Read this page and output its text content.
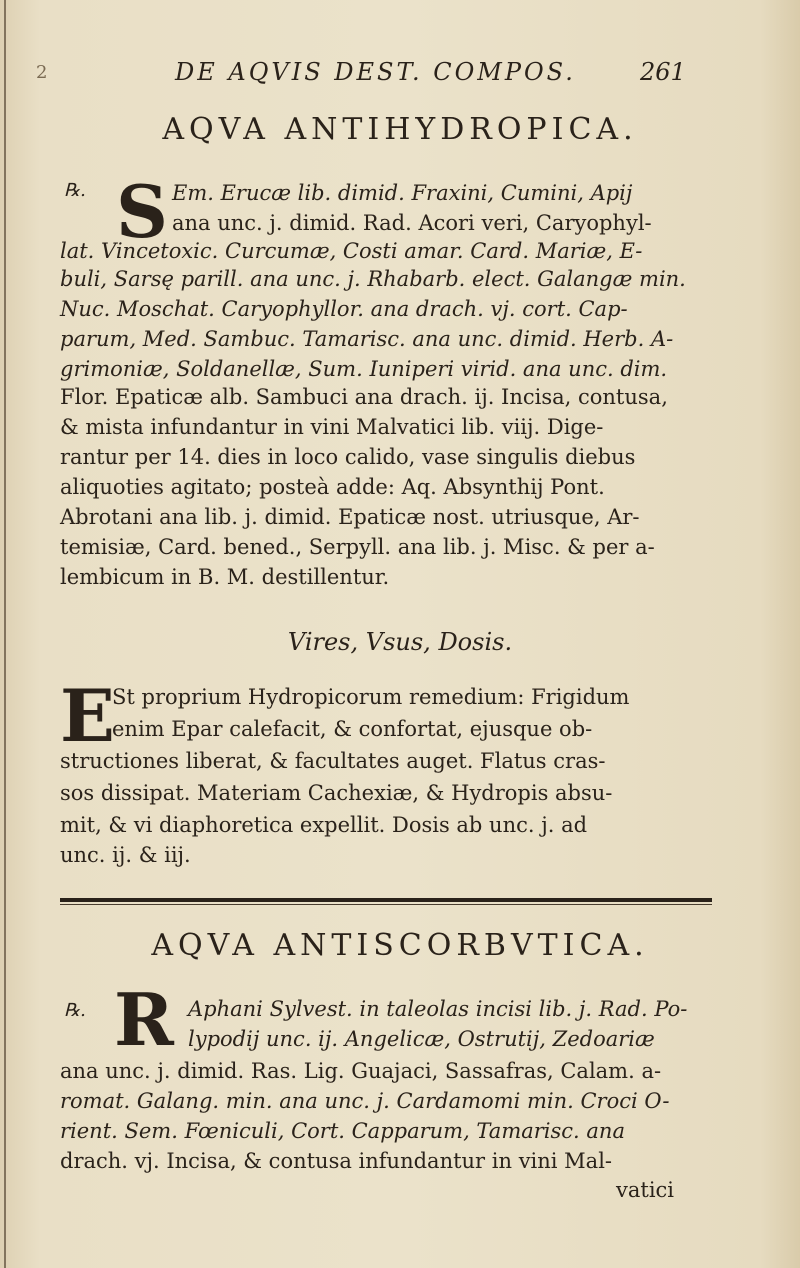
2	DE AQVIS DEST. COMPOS.	261
AQVA ANTIHYDROPICA.
℞. S Em. Erucæ lib. dimid. Fraxini, Cumini, Apij
ana unc. j. dimid. Rad. Acori veri, Caryophyl-
lat. Vincetoxic. Curcumæ, Costi amar. Card. Mariæ, E-
buli, Sarsę parill. ana unc. j. Rhabarb. elect. Galangæ min.
Nuc. Moschat. Caryophyllor. ana drach. vj. cort. Cap-
parum, Med. Sambuc. Tamarisc. ana unc. dimid. Herb. A-
grimoniæ, Soldanellæ, Sum. Iuniperi virid. ana unc. dim.
Flor. Epaticæ alb. Sambuci ana drach. ij. Incisa, contusa,
& mista infundantur in vini Malvatici lib. viij. Dige-
rantur per 14. dies in loco calido, vase singulis diebus
aliquoties agitato; posteà adde: Aq. Absynthij Pont.
Abrotani ana lib. j. dimid. Epaticæ nost. utriusque, Ar-
temisiæ, Card. bened., Serpyll. ana lib. j. Misc. & per a-
lembicum in B. M. destillentur.
Vires, Vsus, Dosis.
E
St proprium Hydropicorum remedium: Frigidum
enim Epar calefacit, & confortat, ejusque ob-
structiones liberat, & facultates auget. Flatus cras-
sos dissipat. Materiam Cachexiæ, & Hydropis absu-
mit, & vi diaphoretica expellit. Dosis ab unc. j. ad
unc. ij. & iij.
AQVA ANTISCORBVTICA.
℞. R Aphani Sylvest. in taleolas incisi lib. j. Rad. Po-
lypodij unc. ij. Angelicæ, Ostrutij, Zedoariæ
ana unc. j. dimid. Ras. Lig. Guajaci, Sassafras, Calam. a-
romat. Galang. min. ana unc. j. Cardamomi min. Croci O-
rient. Sem. Fœniculi, Cort. Capparum, Tamarisc. ana
drach. vj. Incisa, & contusa infundantur in vini Mal-
vatici
